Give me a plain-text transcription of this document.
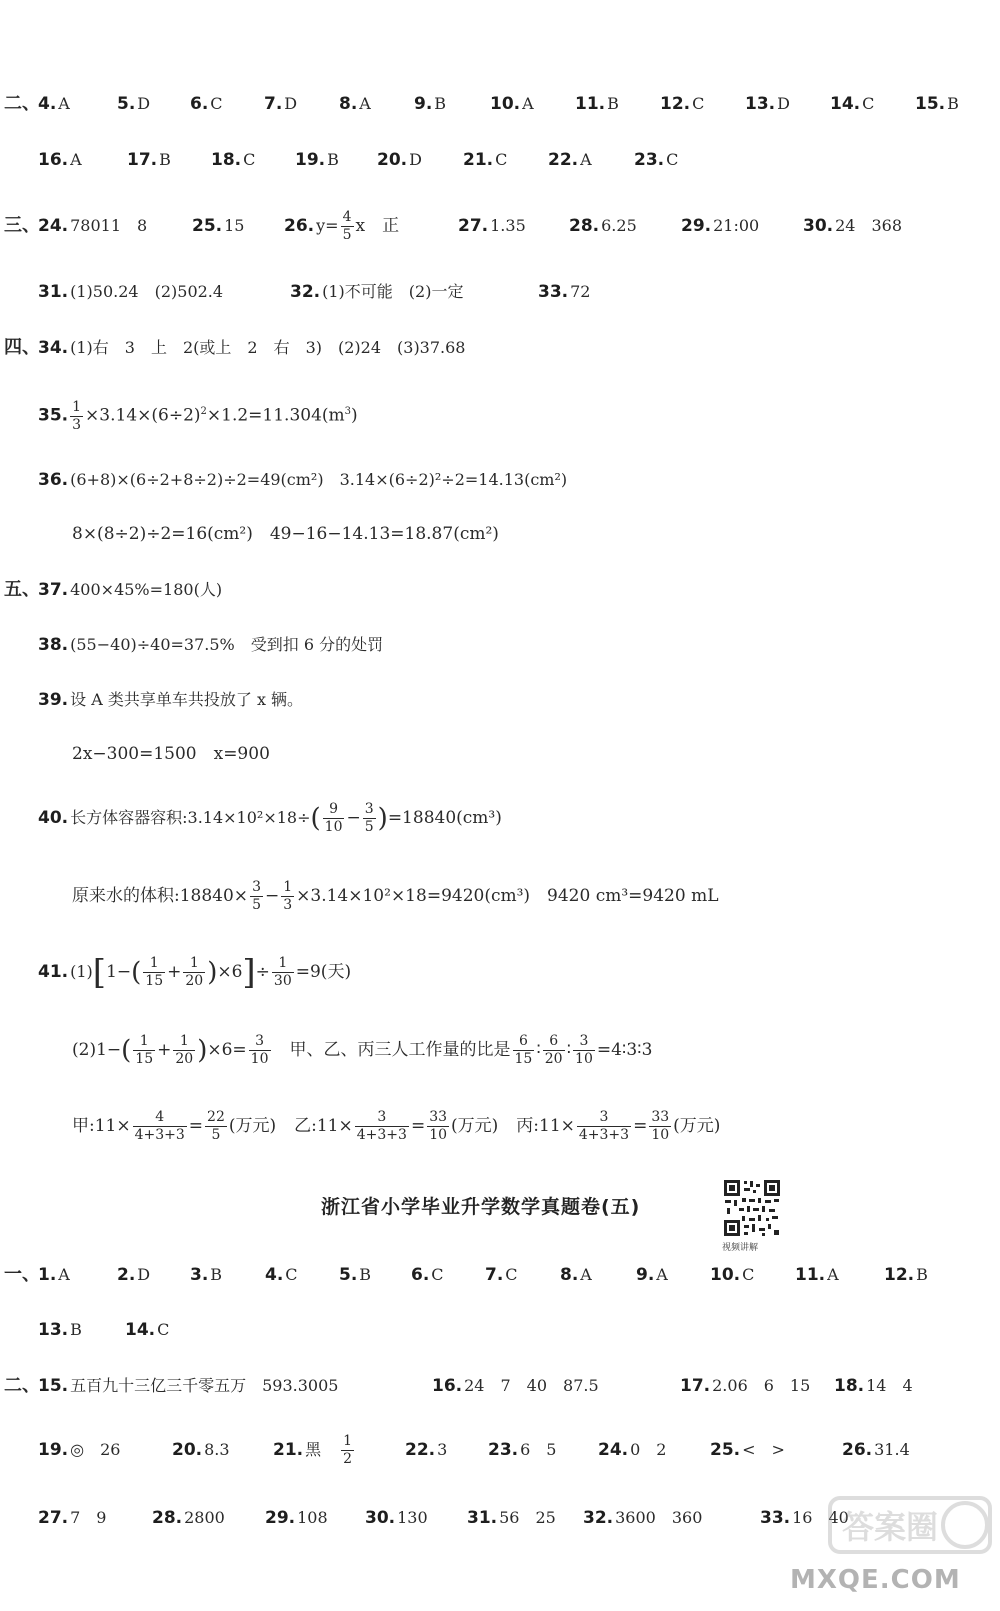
二、
4. A	5. D 6. C 7. D 8. A	9. B	10. A 11. B 12. C 13. D 14. C 15. B
16. A	17. B 18. C 19. B 20. D 21. C 22. A 23. C
三、
24. 78011　8	25. 15 26. $y= \frac{4}{5}$ x　正	27. 1.35	28. 6.25	29. 21:00	30. 24　368
31. (1)50.24　(2)502.4	32. (1)不可能　(2)一定	33. 72
四、
34. (1)右　3　上　2(或上　2　右　3)　(2)24　(3)37.68
35. $\frac{1}{3} \times 3.14\times(6\div 2)^2\times 1.2=11.304(m^3)$
36. (6+8)×(6÷2+8÷2)÷2=49(cm²)　3.14×(6÷2)²÷2=14.13(cm²)
8×(8÷2)÷2=16(cm²)　49−16−14.13=18.87(cm²)
五、
37. 400×45%=180(人)
38. (55−40)÷40=37.5%　受到扣 6 分的处罚
39. 设 A 类共享单车共投放了 x 辆。
2x−300=1500　x=900
40. 长方体容器容积:3.14×10²×18÷( $\frac{9}{10} - \frac{3}{5} )=18840(cm^3)$
原来水的体积:18840× $\frac{3}{5} - \frac{1}{3} \times 3.14\times 10^2\times 18=9420(cm^3)$　9420 cm³=9420 mL
41. $(1)[1-( \frac{1}{15} + \frac{1}{20} )\times 6]\div \frac{1}{30} =9$(天)
$(2)1-( \frac{1}{15} + \frac{1}{20} )\times 6= \frac{3}{10}$ 　甲、乙、丙三人工作量的比是 $\frac{6}{15}$ ∶ $\frac{6}{20}$ ∶ $\frac{3}{10}$ =4∶3∶3
甲:11× $\frac{4}{4+3+3} = \frac{22}{5}$ (万元) 乙:11× $\frac{3}{4+3+3} = \frac{33}{10}$ (万元) 丙:11× $\frac{3}{4+3+3} = \frac{33}{10}$ (万元)
浙江省小学毕业升学数学真题卷(五)
视频讲解
一、
1. A	2. D 3. B	4. C 5. B 6. C 7. C 8. A	9. A 10. C 11. A	12. B
13. B	14. C
二、
15. 五百九十三亿三千零五万　593.3005	16. 24　7　40　87.5	17. 2.06　6　15 18. 14　4
19. ◎　26	20. 8.3	21. 黑 $\frac{1}{2}$	22. 3 23. 6　5 24. 0　2	25. <　>	26. 31.4
27. 7　9	28. 2800 29. 108 30. 130 31. 56　25 32. 3600　360	33. 16　40
答案圈
MXQE.COM
